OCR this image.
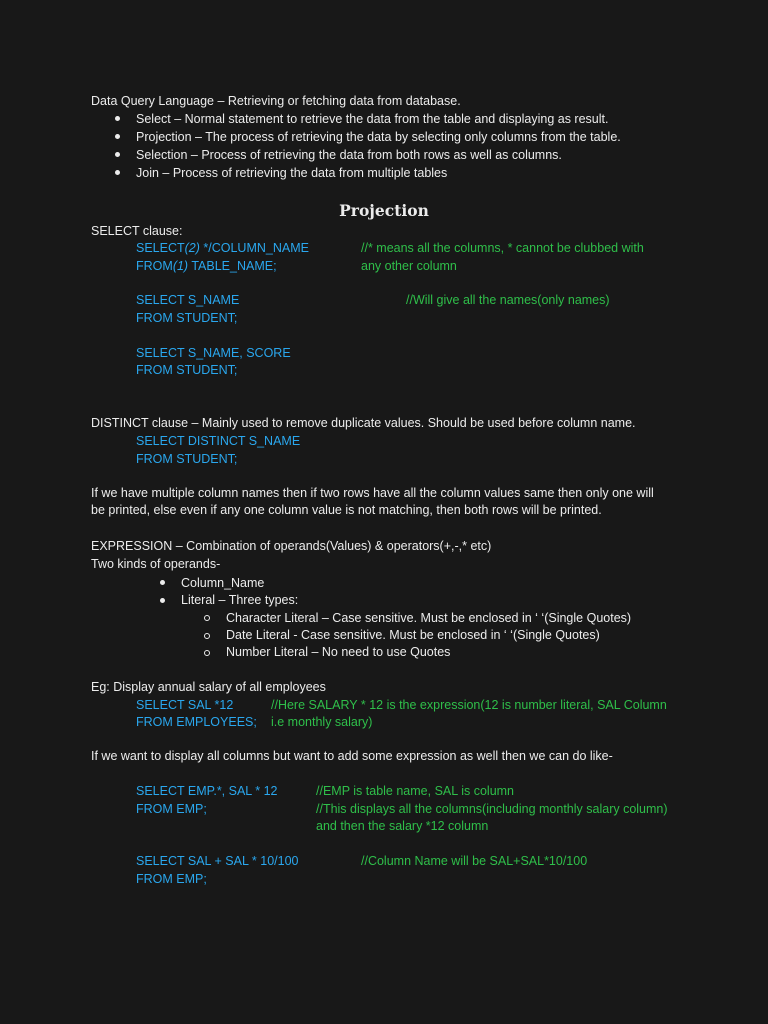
Data Query Language – Retrieving or fetching data from database.
Select – Normal statement to retrieve the data from the table and displaying as result.
Projection – The process of retrieving the data by selecting only columns from the table.
Selection – Process of retrieving the data from both rows as well as columns.
Join – Process of retrieving the data from multiple tables
Projection
SELECT clause:
SELECT(2) */COLUMN_NAME	//* means all the columns, * cannot be clubbed with
FROM(1) TABLE_NAME;	any other column
SELECT S_NAME	//Will give all the names(only names)
FROM STUDENT;
SELECT S_NAME, SCORE
FROM STUDENT;
DISTINCT clause – Mainly used to remove duplicate values. Should be used before column name.
SELECT DISTINCT S_NAME
FROM STUDENT;
If we have multiple column names then if two rows have all the column values same then only one will
be printed, else even if any one column value is not matching, then both rows will be printed.
EXPRESSION – Combination of operands(Values) & operators(+,-,* etc)
Two kinds of operands-
Column_Name
Literal – Three types:
Character Literal – Case sensitive. Must be enclosed in ‘ ‘(Single Quotes)
Date Literal - Case sensitive. Must be enclosed in ‘ ‘(Single Quotes)
Number Literal – No need to use Quotes
Eg: Display annual salary of all employees
SELECT SAL *12	//Here SALARY * 12 is the expression(12 is number literal, SAL Column
FROM EMPLOYEES; i.e monthly salary)
If we want to display all columns but want to add some expression as well then we can do like-
SELECT EMP.*, SAL * 12	//EMP is table name, SAL is column
FROM EMP;	//This displays all the columns(including monthly salary column)
and then the salary *12 column
SELECT SAL + SAL * 10/100	//Column Name will be SAL+SAL*10/100
FROM EMP;
